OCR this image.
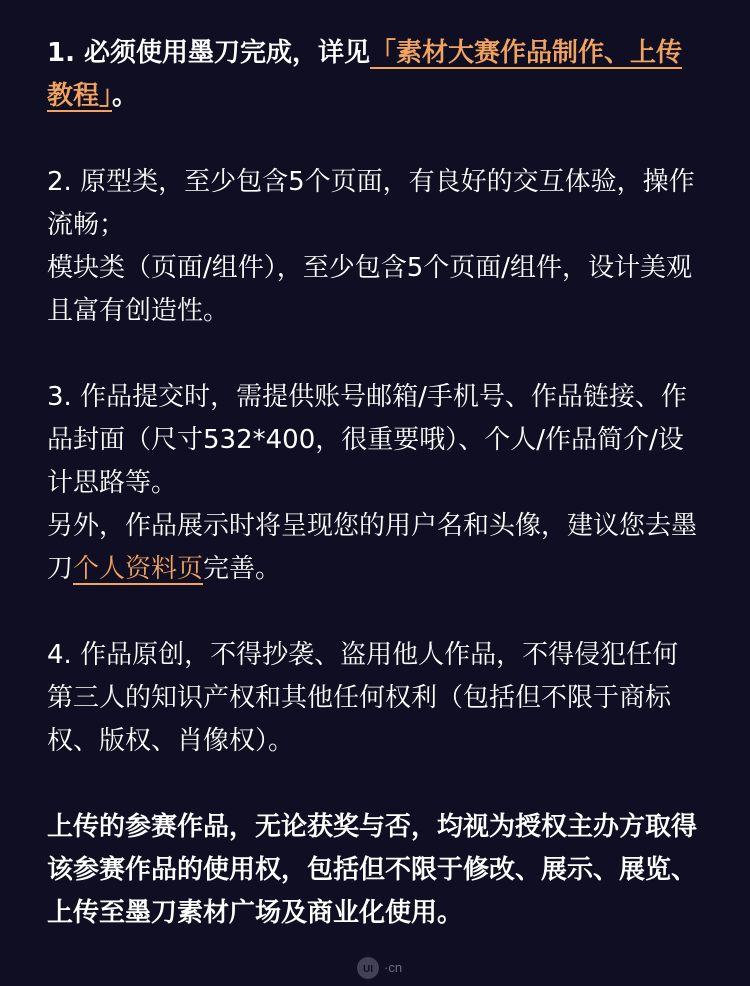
1. 必须使用墨刀完成，详见「素材大赛作品制作、上传教程」。

2. 原型类，至少包含5个页面，有良好的交互体验，操作流畅；

模块类（页面/组件），至少包含5个页面/组件，设计美观且富有创造性。

3. 作品提交时，需提供账号邮箱/手机号、作品链接、作品封面（尺寸532*400，很重要哦）、个人/作品简介/设计思路等。

另外，作品展示时将呈现您的用户名和头像，建议您去墨刀个人资料页完善。

4. 作品原创，不得抄袭、盗用他人作品，不得侵犯任何第三人的知识产权和其他任何权利（包括但不限于商标权、版权、肖像权）。

上传的参赛作品，无论获奖与否，均视为授权主办方取得该参赛作品的使用权，包括但不限于修改、展示、展览、上传至墨刀素材广场及商业化使用。

UI ·cn
